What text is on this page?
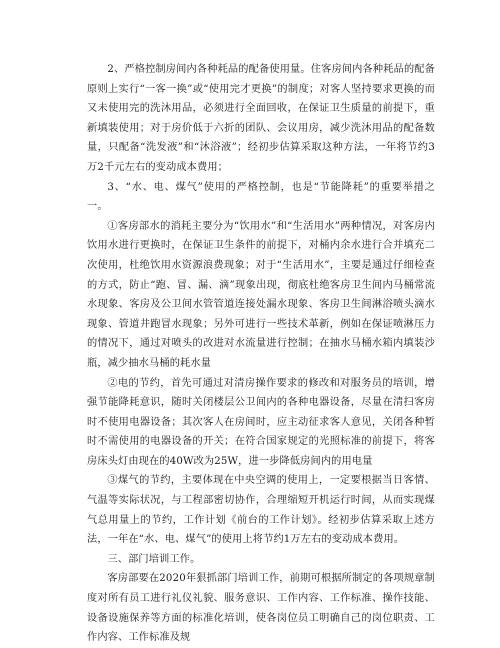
2、严格控制房间内各种耗品的配备使用量。住客房间内各种耗品的配备原则上实行“一客一换”或“使用完才更换”的制度；对客人坚持要求更换的而又未使用完的洗沐用品，必须进行全面回收，在保证卫生质量的前提下，重新填装使用；对于房价低于六折的团队、会议用房，减少洗沐用品的配备数量，只配备“洗发液”和“沐浴液”；经初步估算采取这种方法，一年将节约3万2千元左右的变动成本费用；

3、“水、电、煤气”使用的严格控制，也是“节能降耗”的重要举措之一。

①客房部水的消耗主要分为“饮用水”和“生活用水”两种情况，对客房内饮用水进行更换时，在保证卫生条件的前提下，对桶内余水进行合并填充二次使用，杜绝饮用水资源浪费现象；对于“生活用水”，主要是通过仔细检查的方式，防止“跑、冒、漏、滴”现象出现，彻底杜绝客房卫生间内马桶常流水现象、客房及公卫间水管管道连接处漏水现象、客房卫生间淋浴喷头滴水现象、管道井跑冒水现象；另外可进行一些技术革新，例如在保证喷淋压力的情况下，通过对喷头的改进对水流量进行控制；在抽水马桶水箱内填装沙瓶，减少抽水马桶的耗水量

②电的节约，首先可通过对清房操作要求的修改和对服务员的培训，增强节能降耗意识，随时关闭楼层公卫间内的各种电器设备，尽量在清扫客房时不使用电器设备；其次客人在房间时，应主动征求客人意见，关闭各种暂时不需使用的电器设备的开关；在符合国家规定的光照标准的前提下，将客房床头灯由现在的40W改为25W，进一步降低房间内的用电量

③煤气的节约，主要体现在中央空调的使用上，一定要根据当日客情、气温等实际状况，与工程部密切协作，合理缩短开机运行时间，从而实现煤气总用量上的节约，工作计划《前台的工作计划》。经初步估算采取上述方法，一年在“水、电、煤气”的使用上将节约1万左右的变动成本费用。

三、部门培训工作。

客房部要在2020年狠抓部门培训工作，前期可根据所制定的各项规章制度对所有员工进行礼仪礼貌、服务意识、工作内容、工作标准、操作技能、设备设施保养等方面的标准化培训，使各岗位员工明确自己的岗位职责、工作内容、工作标准及规
